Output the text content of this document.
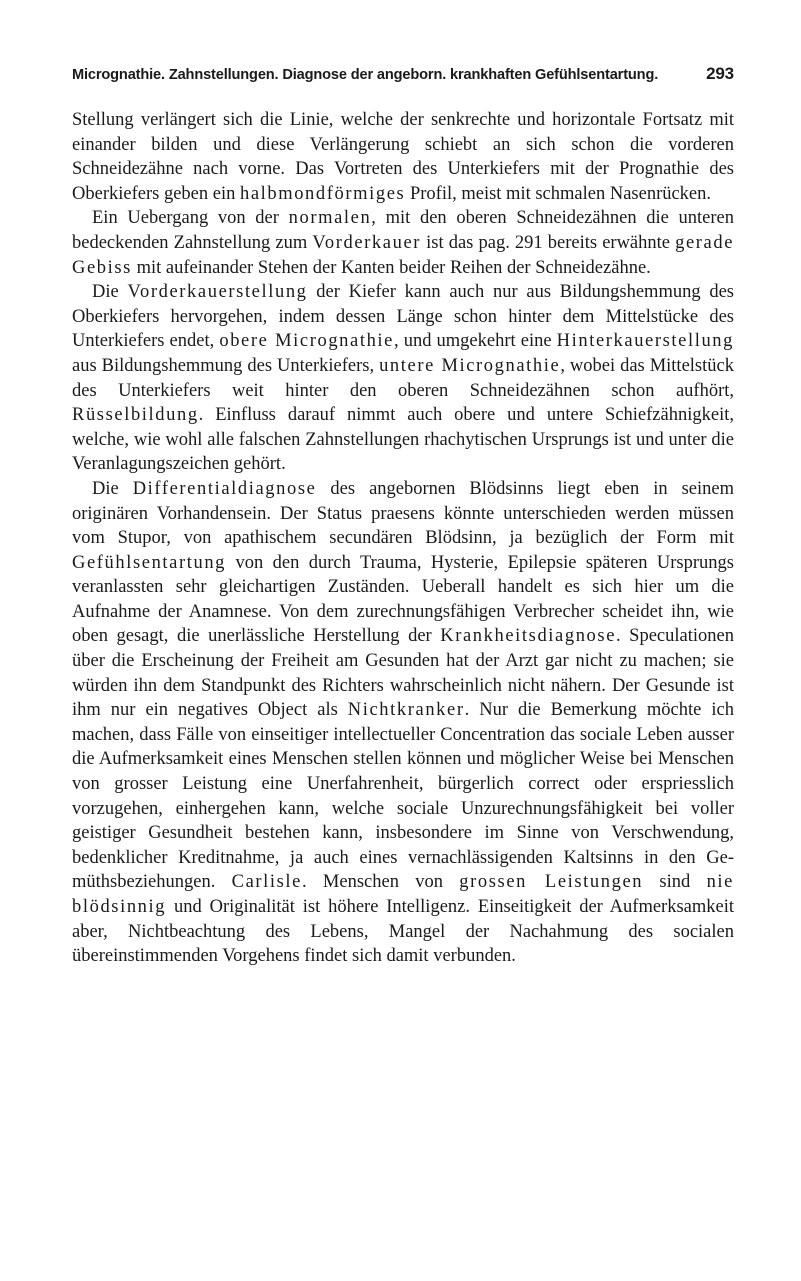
Micrognathie. Zahnstellungen. Diagnose der angeborn. krankhaften Gefühlsentartung.	293

Stellung verlängert sich die Linie, welche der senkrechte und horizontale Fortsatz mit einander bilden und diese Verlängerung schiebt an sich schon die vorderen Schneidezähne nach vorne. Das Vortreten des Unterkiefers mit der Prognathie des Oberkiefers geben ein halbmondförmiges Profil, meist mit schmalen Nasenrücken.

Ein Uebergang von der normalen, mit den oberen Schneidezähnen die unteren bedeckenden Zahnstellung zum Vorderkauer ist das pag. 291 bereits erwähnte gerade Gebiss mit aufeinander Stehen der Kanten beider Reihen der Schneidezähne.

Die Vorderkauerstellung der Kiefer kann auch nur aus Bildungshemmung des Oberkiefers hervorgehen, indem dessen Länge schon hinter dem Mittelstücke des Unterkiefers endet, obere Micrognathie, und umgekehrt eine Hinterkauerstellung aus Bildungshemmung des Unterkiefers, untere Micrognathie, wobei das Mittelstück des Unterkiefers weit hinter den oberen Schneidezähnen schon aufhört, Rüsselbildung. Einfluss darauf nimmt auch obere und untere Schiefzähnigkeit, welche, wie wohl alle falschen Zahnstellungen rhachytischen Ursprungs ist und unter die Veranlagungszeichen gehört.

Die Differentialdiagnose des angebornen Blödsinns liegt eben in seinem originären Vorhandensein. Der Status praesens könnte unterschieden werden müssen vom Stupor, von apathischem secundären Blödsinn, ja bezüglich der Form mit Gefühlsentartung von den durch Trauma, Hysterie, Epilepsie späteren Ursprungs veranlassten sehr gleichartigen Zuständen. Ueberall handelt es sich hier um die Aufnahme der Anamnese. Von dem zurechnungsfähigen Verbrecher scheidet ihn, wie oben gesagt, die unerlässliche Herstellung der Krankheitsdiagnose. Speculationen über die Erscheinung der Freiheit am Gesunden hat der Arzt gar nicht zu machen; sie würden ihn dem Standpunkt des Richters wahrscheinlich nicht nähern. Der Gesunde ist ihm nur ein negatives Object als Nichtkranker. Nur die Bemerkung möchte ich machen, dass Fälle von einseitiger intellectueller Concentration das sociale Leben ausser die Aufmerksamkeit eines Menschen stellen können und möglicher Weise bei Menschen von grosser Leistung eine Unerfahrenheit, bürgerlich correct oder erspriesslich vorzugehen, einhergehen kann, welche sociale Unzurechnungsfähigkeit bei voller geistiger Gesundheit bestehen kann, insbesondere im Sinne von Verschwendung, bedenklicher Kreditnahme, ja auch eines vernachlässigenden Kaltsinns in den Gemüthsbeziehungen. Carlisle. Menschen von grossen Leistungen sind nie blödsinnig und Originalität ist höhere Intelligenz. Einseitigkeit der Aufmerksamkeit aber, Nichtbeachtung des Lebens, Mangel der Nachahmung des socialen übereinstimmenden Vorgehens findet sich damit verbunden.
